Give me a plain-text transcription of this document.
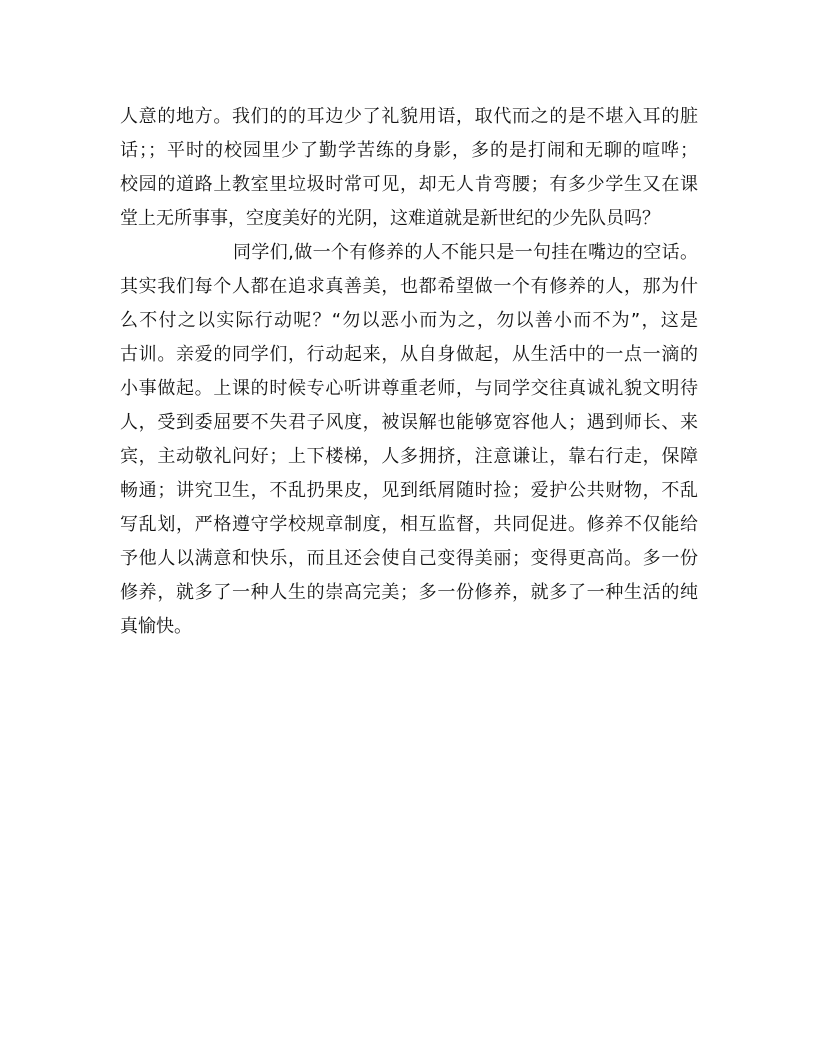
人意的地方。我们的的耳边少了礼貌用语，取代而之的是不堪入耳的脏
话；；平时的校园里少了勤学苦练的身影，多的是打闹和无聊的喧哗；
校园的道路上教室里垃圾时常可见，却无人肯弯腰；有多少学生又在课
堂上无所事事，空度美好的光阴，这难道就是新世纪的少先队员吗？
同学们,做一个有修养的人不能只是一句挂在嘴边的空话。
其实我们每个人都在追求真善美，也都希望做一个有修养的人，那为什
么不付之以实际行动呢？“勿以恶小而为之，勿以善小而不为”，这是
古训。亲爱的同学们，行动起来，从自身做起，从生活中的一点一滴的
小事做起。上课的时候专心听讲尊重老师，与同学交往真诚礼貌文明待
人，受到委屈要不失君子风度，被误解也能够宽容他人；遇到师长、来
宾，主动敬礼问好；上下楼梯，人多拥挤，注意谦让，靠右行走，保障
畅通；讲究卫生，不乱扔果皮，见到纸屑随时捡；爱护公共财物，不乱
写乱划，严格遵守学校规章制度，相互监督，共同促进。修养不仅能给
予他人以满意和快乐，而且还会使自己变得美丽；变得更高尚。多一份
修养，就多了一种人生的崇高完美；多一份修养，就多了一种生活的纯
真愉快。
